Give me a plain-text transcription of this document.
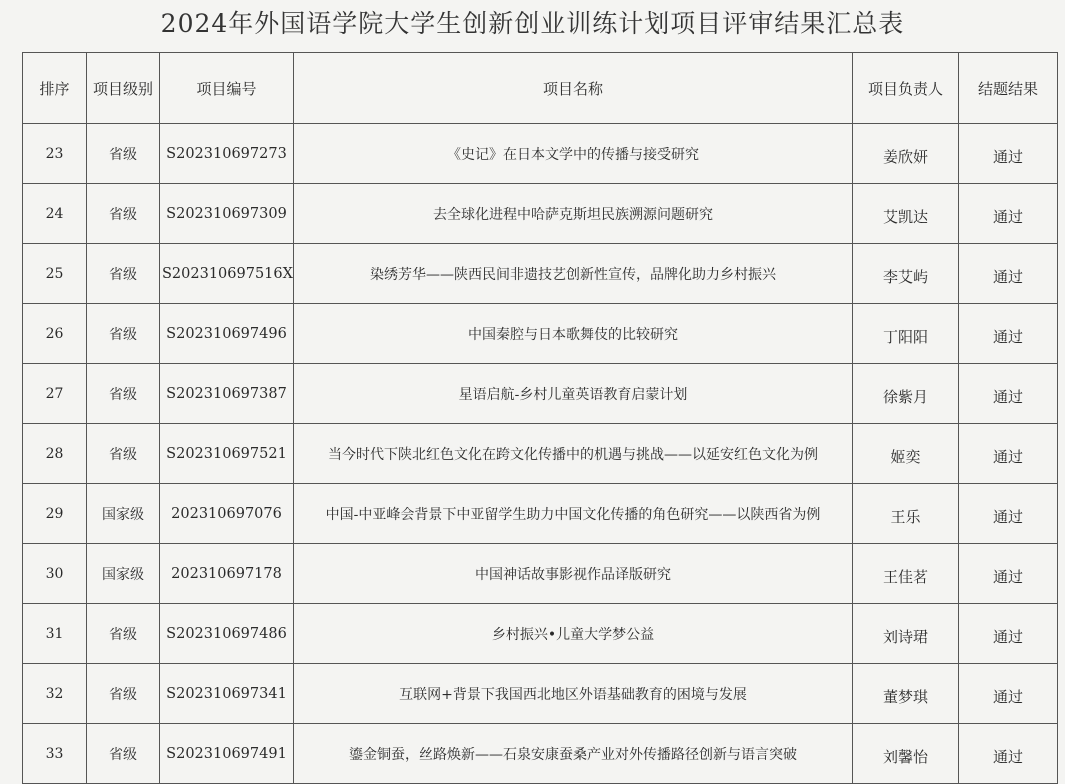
2024年外国语学院大学生创新创业训练计划项目评审结果汇总表
排序	项目级别	项目编号	项目名称	项目负责人	结题结果
23	省级	S202310697273	《史记》在日本文学中的传播与接受研究	姜欣妍	通过
24	省级	S202310697309	去全球化进程中哈萨克斯坦民族溯源问题研究	艾凯达	通过
25	省级	S202310697516X	染绣芳华——陕西民间非遗技艺创新性宣传，品牌化助力乡村振兴	李艾屿	通过
26	省级	S202310697496	中国秦腔与日本歌舞伎的比较研究	丁阳阳	通过
27	省级	S202310697387	星语启航-乡村儿童英语教育启蒙计划	徐紫月	通过
28	省级	S202310697521	当今时代下陕北红色文化在跨文化传播中的机遇与挑战——以延安红色文化为例	姬奕	通过
29	国家级	202310697076	中国-中亚峰会背景下中亚留学生助力中国文化传播的角色研究——以陕西省为例	王乐	通过
30	国家级	202310697178	中国神话故事影视作品译版研究	王佳茗	通过
31	省级	S202310697486	乡村振兴•儿童大学梦公益	刘诗珺	通过
32	省级	S202310697341	互联网+背景下我国西北地区外语基础教育的困境与发展	董梦琪	通过
33	省级	S202310697491	鎏金铜蚕，丝路焕新——石泉安康蚕桑产业对外传播路径创新与语言突破	刘馨怡	通过
